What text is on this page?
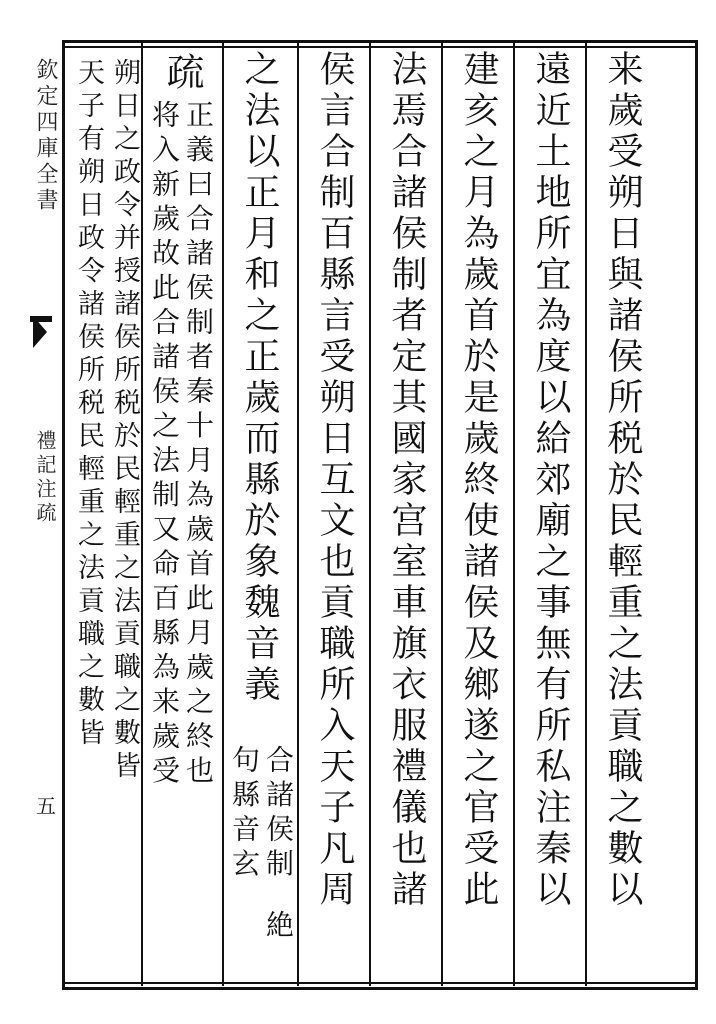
欽定四庫全書
禮記注疏
五	来歲受朔日與諸侯所税於民輕重之法貢職之數以
遠近土地所宜為度以給郊廟之事無有所私注秦以
建亥之月為歲首於是歲終使諸侯及鄉遂之官受此
法焉合諸侯制者定其國家宫室車旗衣服禮儀也諸
侯言合制百縣言受朔日互文也貢職所入天子凡周
之法以正月和之正歲而縣於象魏音義
合諸侯制
句縣音玄
絶
疏
正義曰合諸侯制者秦十月為歲首此月歲之終也
将入新歲故此合諸侯之法制又命百縣為来歲受
朔日之政令并授諸侯所税於民輕重之法貢職之數皆
天子有朔日政令諸侯所税民輕重之法貢職之數皆
